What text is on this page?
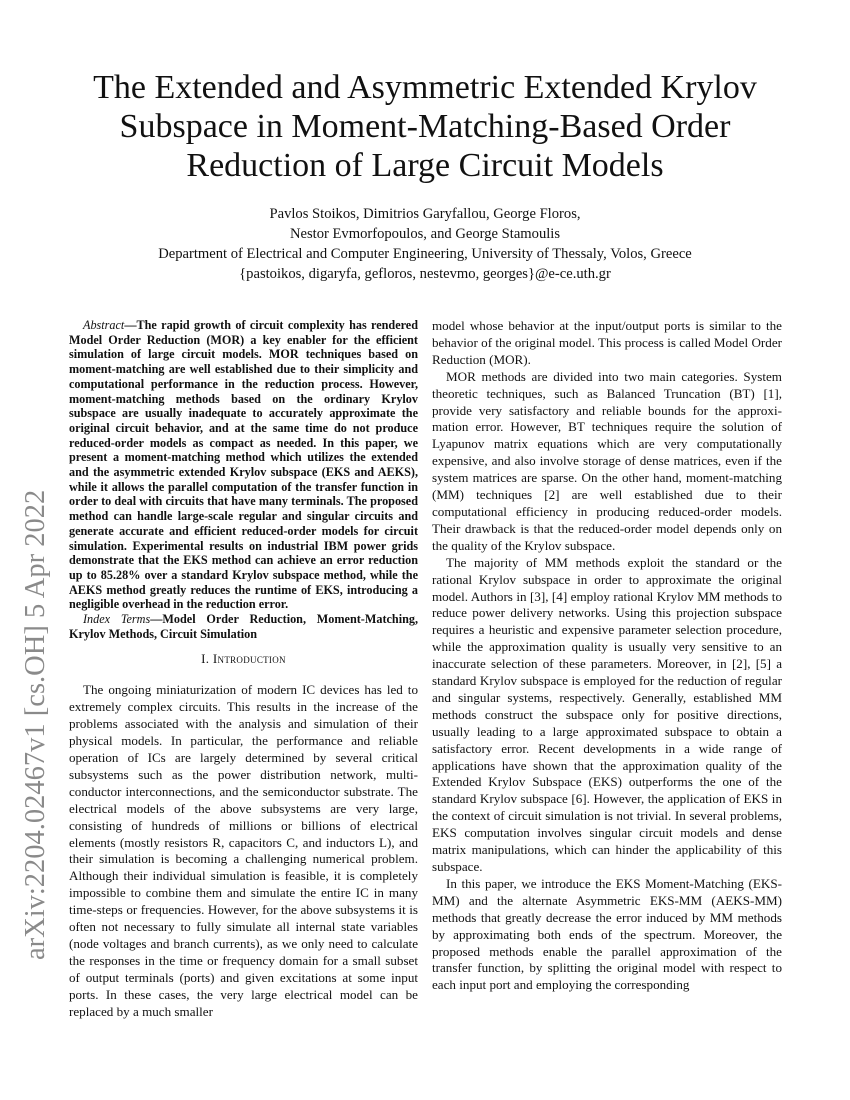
The Extended and Asymmetric Extended Krylov
Subspace in Moment-Matching-Based Order
Reduction of Large Circuit Models
Pavlos Stoikos, Dimitrios Garyfallou, George Floros,
Nestor Evmorfopoulos, and George Stamoulis
Department of Electrical and Computer Engineering, University of Thessaly, Volos, Greece
{pastoikos, digaryfa, gefloros, nestevmo, georges}@e-ce.uth.gr
arXiv:2204.02467v1 [cs.OH] 5 Apr 2022

Abstract—The rapid growth of circuit complexity has rendered Model Order Reduction (MOR) a key enabler for the efficient simulation of large circuit models. MOR techniques based on moment-matching are well established due to their simplicity and computational performance in the reduction process. However, moment-matching methods based on the ordinary Krylov subspace are usually inadequate to accurately approximate the original circuit behavior, and at the same time do not produce reduced-order models as compact as needed. In this paper, we present a moment-matching method which utilizes the extended and the asymmetric extended Krylov subspace (EKS and AEKS), while it allows the parallel computation of the transfer function in order to deal with circuits that have many terminals. The proposed method can handle large-scale regular and singular circuits and generate accurate and efficient reduced-order models for circuit simulation. Experimental results on industrial IBM power grids demonstrate that the EKS method can achieve an error reduction up to 85.28% over a standard Krylov subspace method, while the AEKS method greatly reduces the runtime of EKS, introducing a negligible overhead in the reduction error.

Index Terms—Model Order Reduction, Moment-Matching, Krylov Methods, Circuit Simulation

I. Introduction

The ongoing miniaturization of modern IC devices has led to extremely complex circuits. This results in the increase of the problems associated with the analysis and simulation of their physical models. In particular, the performance and reliable operation of ICs are largely determined by several critical subsystems such as the power distribution network, multiconductor interconnections, and the semiconductor substrate. The electrical models of the above subsystems are very large, consisting of hundreds of millions or billions of electrical elements (mostly resistors R, capacitors C, and inductors L), and their simulation is becoming a challenging numerical problem. Although their individual simulation is feasible, it is completely impossible to combine them and simulate the entire IC in many time-steps or frequencies. However, for the above subsystems it is often not necessary to fully simulate all internal state variables (node voltages and branch currents), as we only need to calculate the responses in the time or frequency domain for a small subset of output terminals (ports) and given excitations at some input ports. In these cases, the very large electrical model can be replaced by a much smaller

model whose behavior at the input/output ports is similar to the behavior of the original model. This process is called Model Order Reduction (MOR).

MOR methods are divided into two main categories. System theoretic techniques, such as Balanced Truncation (BT) [1], provide very satisfactory and reliable bounds for the approximation error. However, BT techniques require the solution of Lyapunov matrix equations which are very computationally expensive, and also involve storage of dense matrices, even if the system matrices are sparse. On the other hand, moment-matching (MM) techniques [2] are well established due to their computational efficiency in producing reduced-order models. Their drawback is that the reduced-order model depends only on the quality of the Krylov subspace.

The majority of MM methods exploit the standard or the rational Krylov subspace in order to approximate the original model. Authors in [3], [4] employ rational Krylov MM methods to reduce power delivery networks. Using this projection subspace requires a heuristic and expensive parameter selection procedure, while the approximation quality is usually very sensitive to an inaccurate selection of these parameters. Moreover, in [2], [5] a standard Krylov subspace is employed for the reduction of regular and singular systems, respectively. Generally, established MM methods construct the subspace only for positive directions, usually leading to a large approximated subspace to obtain a satisfactory error. Recent developments in a wide range of applications have shown that the approximation quality of the Extended Krylov Subspace (EKS) outperforms the one of the standard Krylov subspace [6]. However, the application of EKS in the context of circuit simulation is not trivial. In several problems, EKS computation involves singular circuit models and dense matrix manipulations, which can hinder the applicability of this subspace.

In this paper, we introduce the EKS Moment-Matching (EKS-MM) and the alternate Asymmetric EKS-MM (AEKS-MM) methods that greatly decrease the error induced by MM methods by approximating both ends of the spectrum. Moreover, the proposed methods enable the parallel approximation of the transfer function, by splitting the original model with respect to each input port and employing the corresponding
